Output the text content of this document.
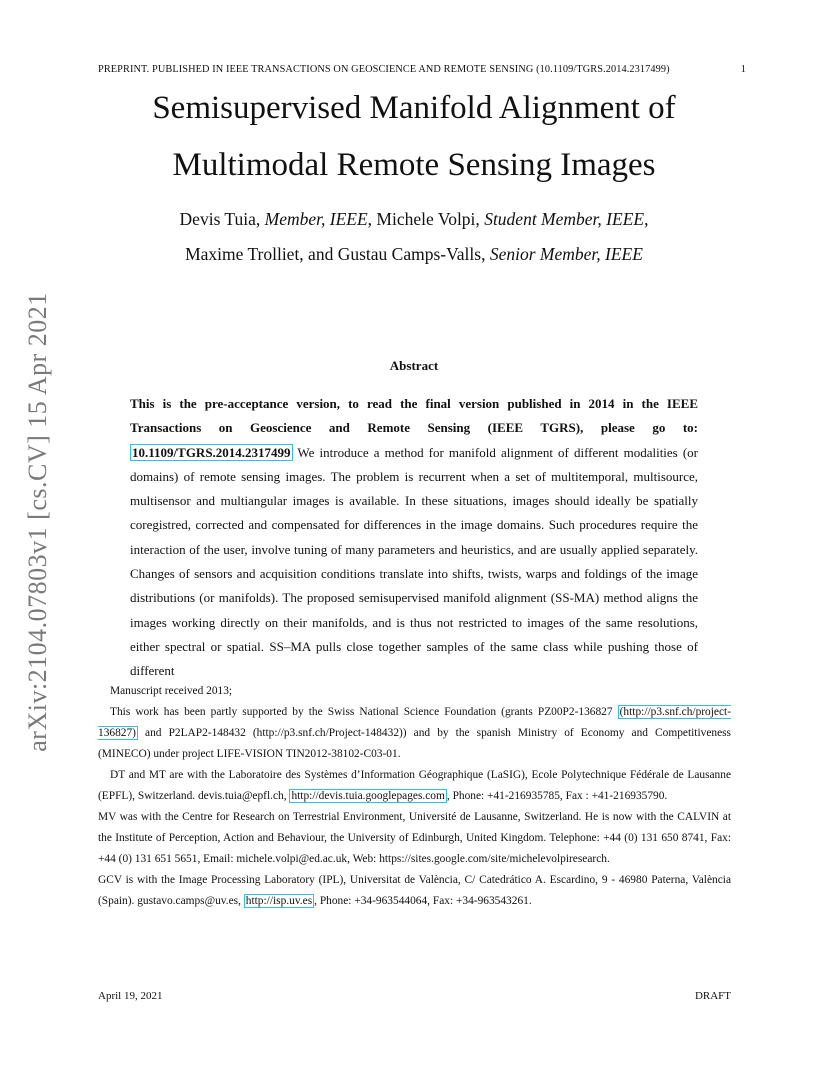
PREPRINT. PUBLISHED IN IEEE TRANSACTIONS ON GEOSCIENCE AND REMOTE SENSING (10.1109/TGRS.2014.2317499)	1
arXiv:2104.07803v1 [cs.CV] 15 Apr 2021
Semisupervised Manifold Alignment of
Multimodal Remote Sensing Images
Devis Tuia, Member, IEEE, Michele Volpi, Student Member, IEEE,
Maxime Trolliet, and Gustau Camps-Valls, Senior Member, IEEE
Abstract
This is the pre-acceptance version, to read the final version published in 2014 in the IEEE Transactions on Geoscience and Remote Sensing (IEEE TGRS), please go to: 10.1109/TGRS.2014.2317499 We introduce a method for manifold alignment of different modalities (or domains) of remote sensing images. The problem is recurrent when a set of multitemporal, multisource, multisensor and multiangular images is available. In these situations, images should ideally be spatially coregistred, corrected and compensated for differences in the image domains. Such procedures require the interaction of the user, involve tuning of many parameters and heuristics, and are usually applied separately. Changes of sensors and acquisition conditions translate into shifts, twists, warps and foldings of the image distributions (or manifolds). The proposed semisupervised manifold alignment (SS-MA) method aligns the images working directly on their manifolds, and is thus not restricted to images of the same resolutions, either spectral or spatial. SS–MA pulls close together samples of the same class while pushing those of different

Manuscript received 2013;

This work has been partly supported by the Swiss National Science Foundation (grants PZ00P2-136827 (http://p3.snf.ch/project-136827) and P2LAP2-148432 (http://p3.snf.ch/Project-148432)) and by the spanish Ministry of Economy and Competitiveness (MINECO) under project LIFE-VISION TIN2012-38102-C03-01.

DT and MT are with the Laboratoire des Systèmes d’Information Géographique (LaSIG), Ecole Polytechnique Fédérale de Lausanne (EPFL), Switzerland. devis.tuia@epfl.ch, http://devis.tuia.googlepages.com , Phone: +41-216935785, Fax : +41-216935790.

MV was with the Centre for Research on Terrestrial Environment, Université de Lausanne, Switzerland. He is now with the CALVIN at the Institute of Perception, Action and Behaviour, the University of Edinburgh, United Kingdom. Telephone: +44 (0) 131 650 8741, Fax: +44 (0) 131 651 5651, Email: michele.volpi@ed.ac.uk, Web: https://sites.google.com/site/michelevolpiresearch.

GCV is with the Image Processing Laboratory (IPL), Universitat de València, C/ Catedrático A. Escardino, 9 - 46980 Paterna, València (Spain). gustavo.camps@uv.es, http://isp.uv.es , Phone: +34-963544064, Fax: +34-963543261.

April 19, 2021	DRAFT
